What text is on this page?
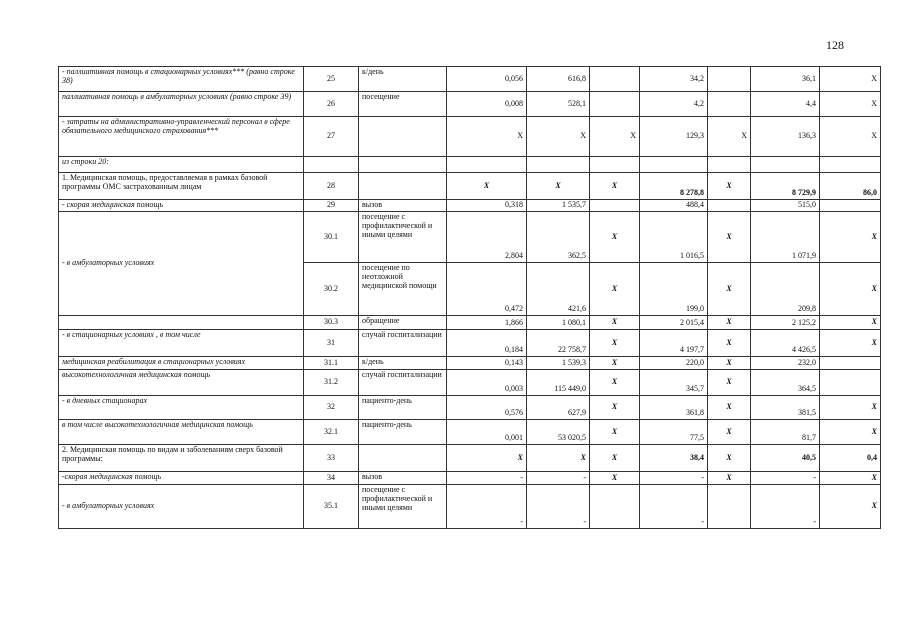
128
- паллиативная помощь в стационарных условиях*** (равно строке 38)	25	к/день	0,056	616,8		34,2		36,1	Х
паллиативная помощь в амбулаторных условиях (равно строке 39)	26	посещение	0,008	528,1		4,2		4,4	Х
- затраты на административно-управленческий персонал в сфере обязательного медицинского страхования***	27		Х	Х	Х	129,3	Х	136,3	Х
из строки 20:									
1. Медицинская помощь, предоставляемая в рамках базовой программы ОМС застрахованным лицам	28		Х	Х	Х	8 278,8	Х	8 729,9	86,0
- скорая медицинская помощь	29	вызов	0,318	1 535,7		488,4		515,0	
- в амбулаторных условиях	30.1	посещение с профилактической и иными целями	2,804	362,5	Х	1 016,5	Х	1 071,9	Х
	30.2	посещение по неотложной медицинской помощи	0,472	421,6	Х	199,0	Х	209,8	Х
	30.3	обращение	1,866	1 080,1	Х	2 015,4	Х	2 125,2	Х
- в стационарных условиях , в том числе	31	случай госпитализации	0,184	22 758,7	Х	4 197,7	Х	4 426,5	Х
медицинская реабилитация в стационарных условиях	31.1	к/день	0,143	1 539,3	Х	220,0	Х	232,0	
высокотехнологичная медицинская помощь	31.2	случай госпитализации	0,003	115 449,0	Х	345,7	Х	364,5	
- в дневных стационарах	32	пациенто-день	0,576	627,9	Х	361,8	Х	381,5	Х
в том числе высокотехнологичная медицинская помощь	32.1	пациенто-день	0,001	53 020,5	Х	77,5	Х	81,7	Х
2. Медицинская помощь по видам и заболеваниям сверх базовой программы:	33		Х	Х	Х	38,4	Х	40,5	0,4
-скорая медицинская помощь	34	вызов	-	-	Х	-	Х	-	Х
- в амбулаторных условиях	35.1	посещение с профилактической и иными целями	-	-		-		-	Х
